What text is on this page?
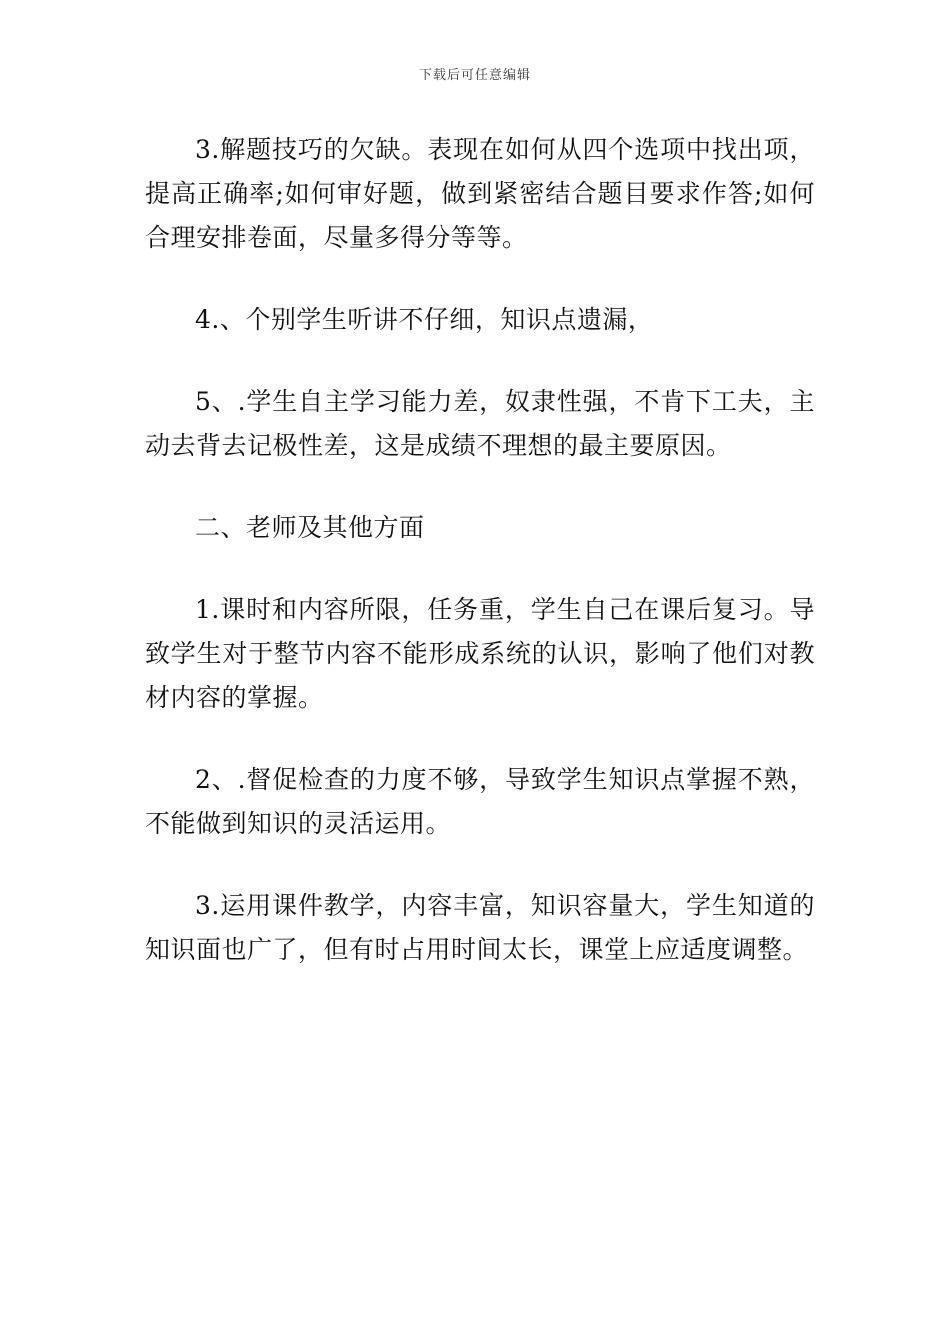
下载后可任意编辑

3.解题技巧的欠缺。表现在如何从四个选项中找出项，提高正确率;如何审好题，做到紧密结合题目要求作答;如何合理安排卷面，尽量多得分等等。

4.、个别学生听讲不仔细，知识点遗漏，

5、.学生自主学习能力差，奴隶性强，不肯下工夫，主动去背去记极性差，这是成绩不理想的最主要原因。

二、老师及其他方面

1.课时和内容所限，任务重，学生自己在课后复习。导致学生对于整节内容不能形成系统的认识，影响了他们对教材内容的掌握。

2、.督促检查的力度不够，导致学生知识点掌握不熟，不能做到知识的灵活运用。

3.运用课件教学，内容丰富，知识容量大，学生知道的知识面也广了，但有时占用时间太长，课堂上应适度调整。
